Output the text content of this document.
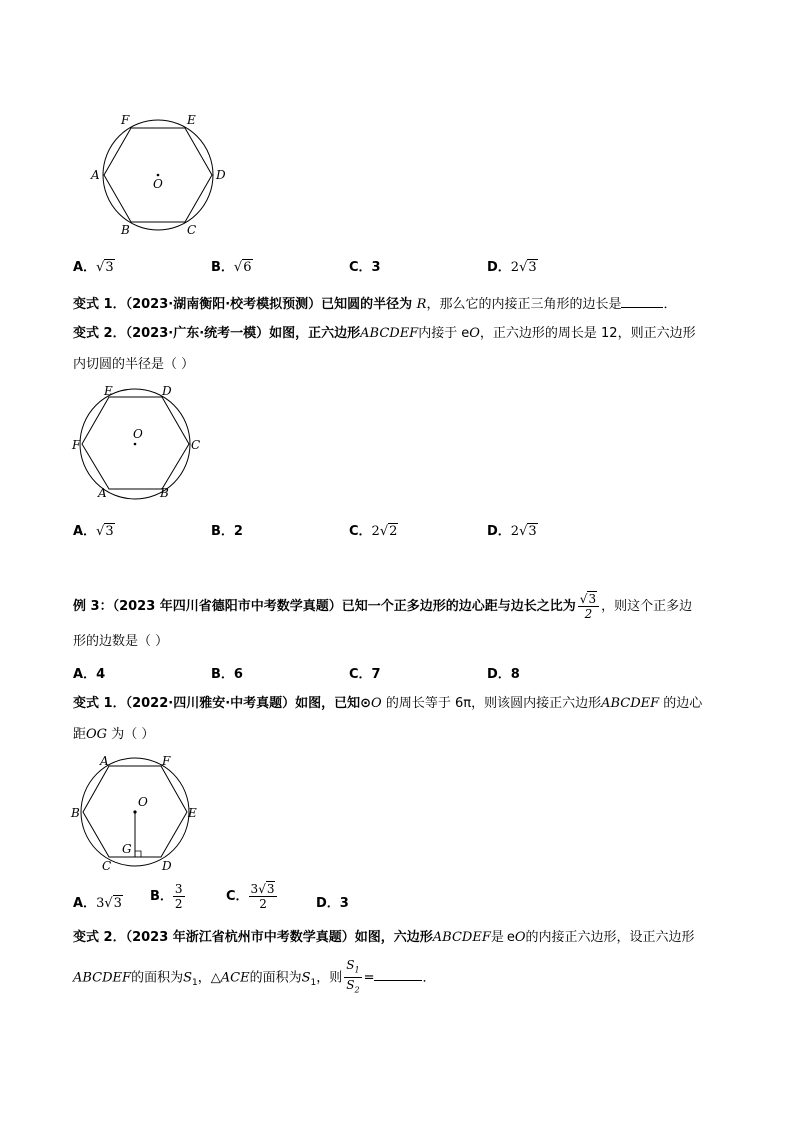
F	E
A	D
O
B	C
A．√3	B．√6	C．3	D．2√3
变式 1．（2023·湖南衡阳·校考模拟预测）已知圆的半径为 R，那么它的内接正三角形的边长是	．
变式 2．（2023·广东·统考一模）如图，正六边形ABCDEF内接于 eO，正六边形的周长是 12，则正六边形
内切圆的半径是（ ）
E	D
F	C
O
A	B
A．√3	B．2	C．2√2	D．2√3
例 3：（2023 年四川省德阳市中考数学真题）已知一个正多边形的边心距与边长之比为 $\frac{√3}{2}$ ，则这个正多边
形的边数是（ ）
A．4	B．6	C．7	D．8
变式 1．（2022·四川雅安·中考真题）如图，已知⊙O 的周长等于 6π，则该圆内接正六边形ABCDEF 的边心
距OG 为（ ）
A	F
B	E
O
G
C	D
A．3√3 B． $\frac{3}{2}$	C． $\frac{3√3}{2}$	D．3
变式 2．（2023 年浙江省杭州市中考数学真题）如图，六边形ABCDEF是 eO的内接正六边形，设正六边形
ABCDEF的面积为$S_1$，△ACE的面积为$S_1$，则 $\frac{S_1}{S_2}$ =	．
